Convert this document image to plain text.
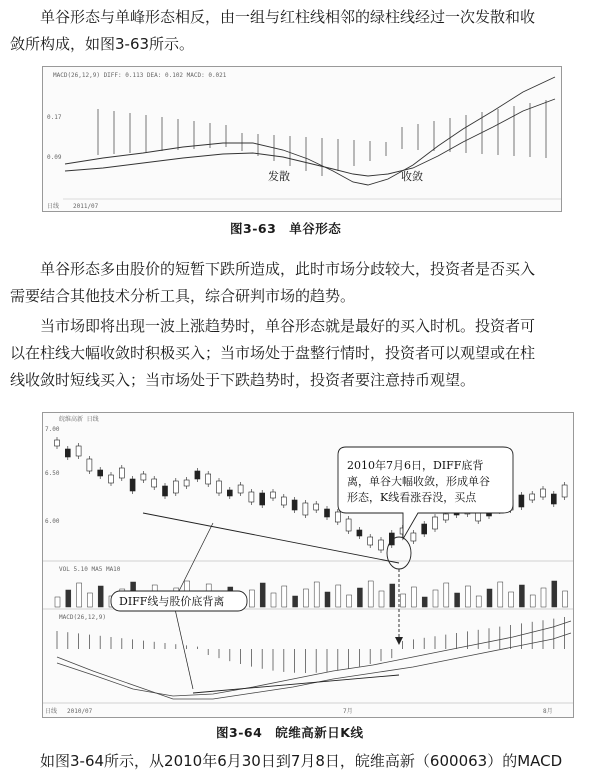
单谷形态与单峰形态相反，由一组与红柱线相邻的绿柱线经过一次发散和收
敛所构成，如图3-63所示。

MACD(26,12,9) DIFF: 0.113 DEA: 0.102 MACD: 0.021
0.17
0.09
发散	收敛
日线 2011/07
图3-63　单谷形态

单谷形态多由股价的短暂下跌所造成，此时市场分歧较大，投资者是否买入
需要结合其他技术分析工具，综合研判市场的趋势。

当市场即将出现一波上涨趋势时，单谷形态就是最好的买入时机。投资者可
以在柱线大幅收敛时积极买入；当市场处于盘整行情时，投资者可以观望或在柱
线收敛时短线买入；当市场处于下跌趋势时，投资者要注意持币观望。

皖维高新 日线
7.00
6.50
6.00
VOL 5.10 MA5 MA10
MACD(26,12,9)
2010年7月6日，DIFF底背
离，单谷大幅收敛，形成单谷
形态，K线看涨吞没，买点
DIFF线与股价底背离
日线 2010/07	7月	8月
图3-64　皖维高新日K线

如图3-64所示，从2010年6月30日到7月8日，皖维高新（600063）的MACD
